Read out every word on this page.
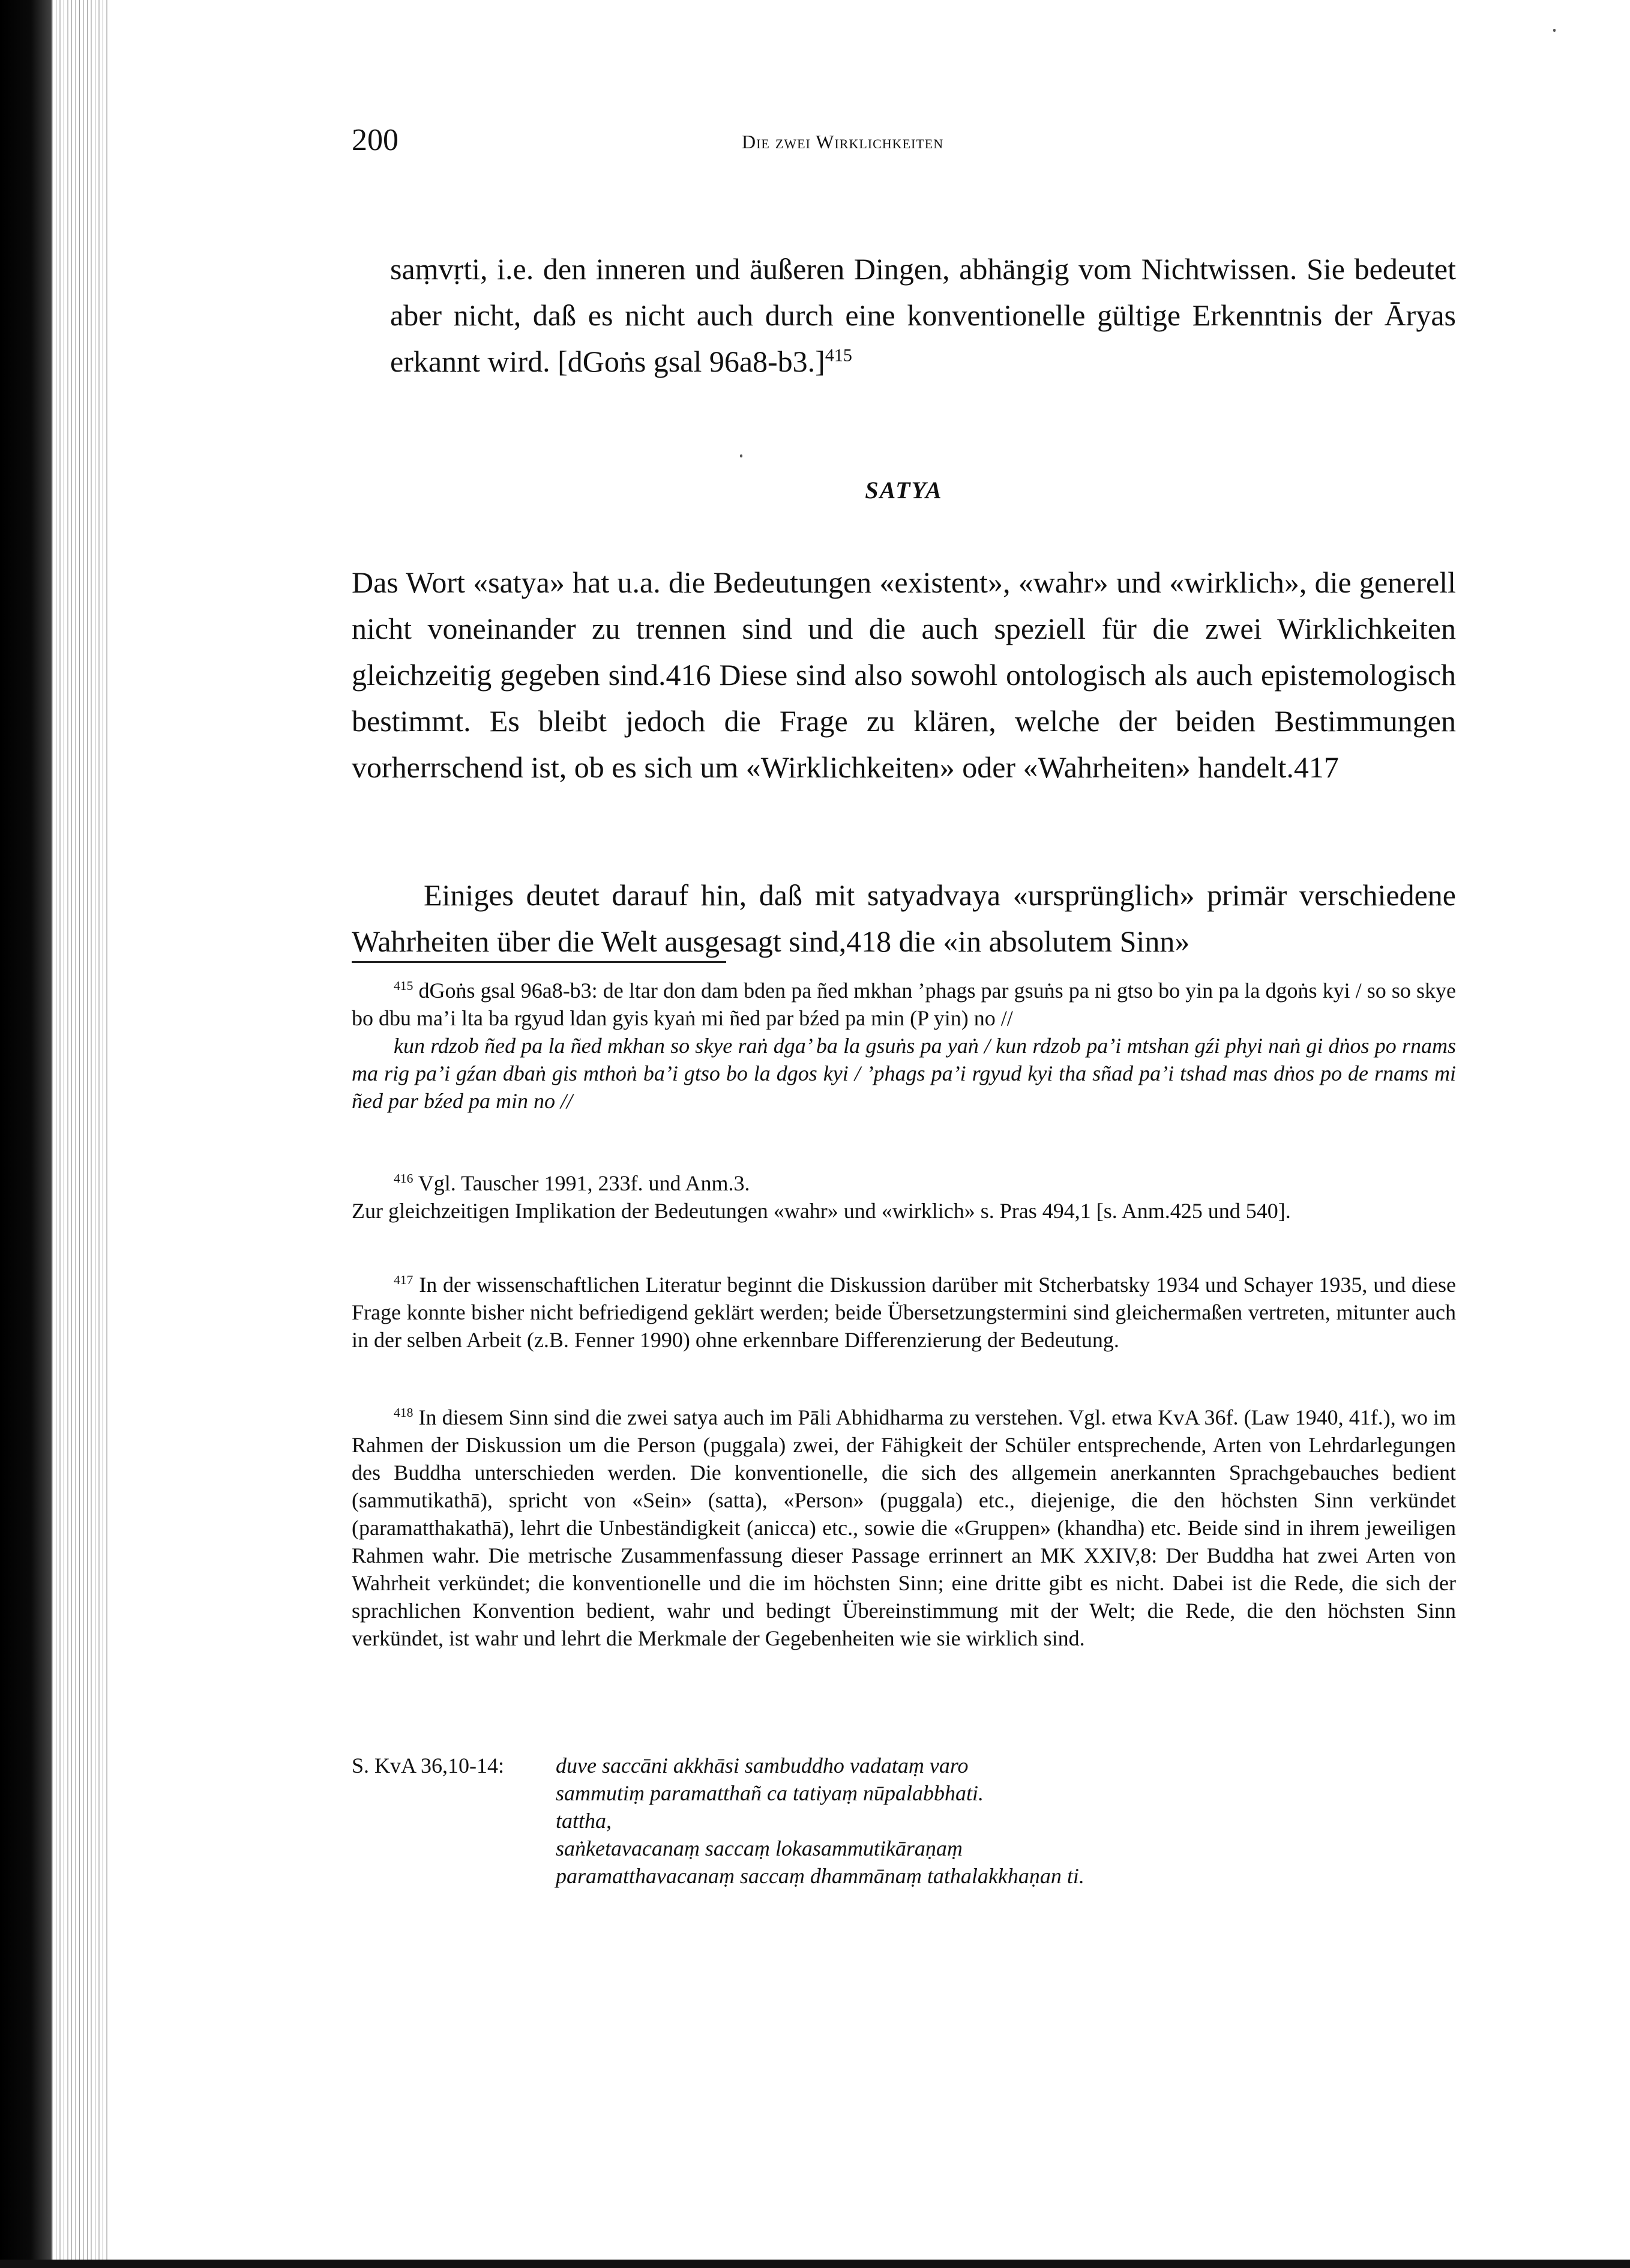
200	Die zwei Wirklichkeiten

saṃvṛti, i.e. den inneren und äußeren Dingen, abhängig vom Nichtwissen. Sie bedeutet aber nicht, daß es nicht auch durch eine konventionelle gültige Erkenntnis der Āryas erkannt wird. [dGoṅs gsal 96a8-b3.]$^{415}$

SATYA

Das Wort «satya» hat u.a. die Bedeutungen «existent», «wahr» und «wirklich», die generell nicht voneinander zu trennen sind und die auch speziell für die zwei Wirklichkeiten gleichzeitig gegeben sind.416 Diese sind also sowohl ontologisch als auch epistemologisch bestimmt. Es bleibt jedoch die Frage zu klären, welche der beiden Bestimmungen vorherrschend ist, ob es sich um «Wirklichkeiten» oder «Wahrheiten» handelt.417

Einiges deutet darauf hin, daß mit satyadvaya «ursprünglich» primär verschiedene Wahrheiten über die Welt ausgesagt sind,418 die «in absolutem Sinn»

$^{415}$ dGoṅs gsal 96a8-b3: de ltar don dam bden pa ñed mkhan ’phags par gsuṅs pa ni gtso bo yin pa la dgoṅs kyi / so so skye bo dbu ma’i lta ba rgyud ldan gyis kyaṅ mi ñed par bźed pa min (P yin) no //
kun rdzob ñed pa la ñed mkhan so skye raṅ dga’ ba la gsuṅs pa yaṅ / kun rdzob pa’i mtshan gźi phyi naṅ gi dṅos po rnams ma rig pa’i gźan dbaṅ gis mthoṅ ba’i gtso bo la dgos kyi / ’phags pa’i rgyud kyi tha sñad pa’i tshad mas dṅos po de rnams mi ñed par bźed pa min no //
$^{416}$ Vgl. Tauscher 1991, 233f. und Anm.3.
Zur gleichzeitigen Implikation der Bedeutungen «wahr» und «wirklich» s. Pras 494,1 [s. Anm.425 und 540].
$^{417}$ In der wissenschaftlichen Literatur beginnt die Diskussion darüber mit Stcherbatsky 1934 und Schayer 1935, und diese Frage konnte bisher nicht befriedigend geklärt werden; beide Übersetzungstermini sind gleichermaßen vertreten, mitunter auch in der selben Arbeit (z.B. Fenner 1990) ohne erkennbare Differenzierung der Bedeutung.
$^{418}$ In diesem Sinn sind die zwei satya auch im Pāli Abhidharma zu verstehen. Vgl. etwa KvA 36f. (Law 1940, 41f.), wo im Rahmen der Diskussion um die Person (puggala) zwei, der Fähigkeit der Schüler entsprechende, Arten von Lehrdarlegungen des Buddha unterschieden werden. Die konventionelle, die sich des allgemein anerkannten Sprachgebauches bedient (sammutikathā), spricht von «Sein» (satta), «Person» (puggala) etc., diejenige, die den höchsten Sinn verkündet (paramatthakathā), lehrt die Unbeständigkeit (anicca) etc., sowie die «Gruppen» (khandha) etc. Beide sind in ihrem jeweiligen Rahmen wahr. Die metrische Zusammenfassung dieser Passage errinnert an MK XXIV,8: Der Buddha hat zwei Arten von Wahrheit verkündet; die konventionelle und die im höchsten Sinn; eine dritte gibt es nicht. Dabei ist die Rede, die sich der sprachlichen Konvention bedient, wahr und bedingt Übereinstimmung mit der Welt; die Rede, die den höchsten Sinn verkündet, ist wahr und lehrt die Merkmale der Gegebenheiten wie sie wirklich sind.
S. KvA 36,10-14: duve saccāni akkhāsi sambuddho vadataṃ varo
sammutiṃ paramatthañ ca tatiyaṃ nūpalabbhati.
tattha,
saṅketavacanaṃ saccaṃ lokasammutikāraṇaṃ
paramatthavacanaṃ saccaṃ dhammānaṃ tathalakkhaṇan ti.
